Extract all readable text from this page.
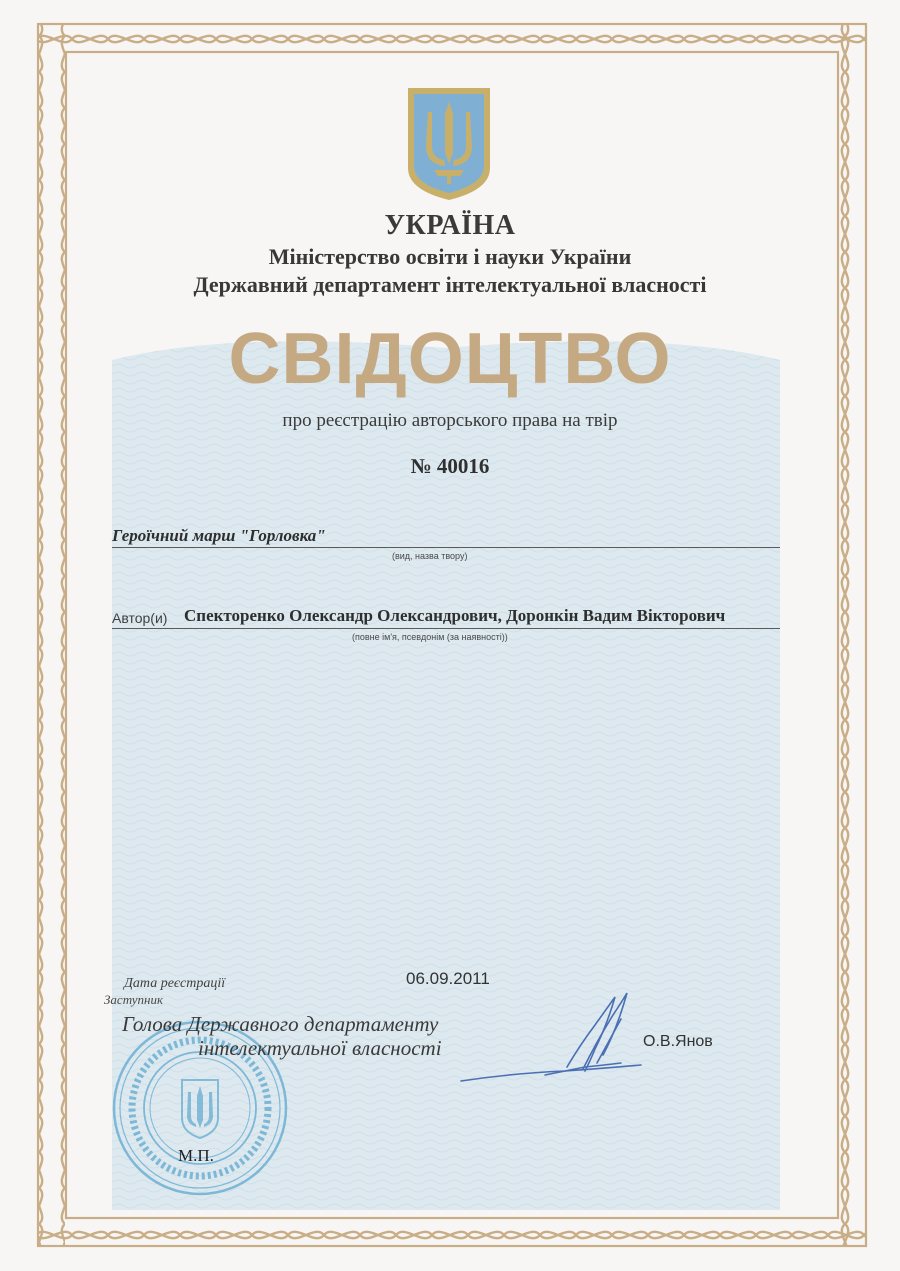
УКРАЇНА
Міністерство освіти і науки України
Державний департамент інтелектуальної власності
СВІДОЦТВО
про реєстрацію авторського права на твір
№ 40016
Героїчний марш "Горловка"
(вид, назва твору)
Автор(и) Спекторенко Олександр Олександрович, Доронкін Вадим Вікторович
(повне ім'я, псевдонім (за наявності))
Дата реєстрації	06.09.2011
Заступник
Голова Державного департаменту
інтелектуальної власності	О.В.Янов
М.П.
